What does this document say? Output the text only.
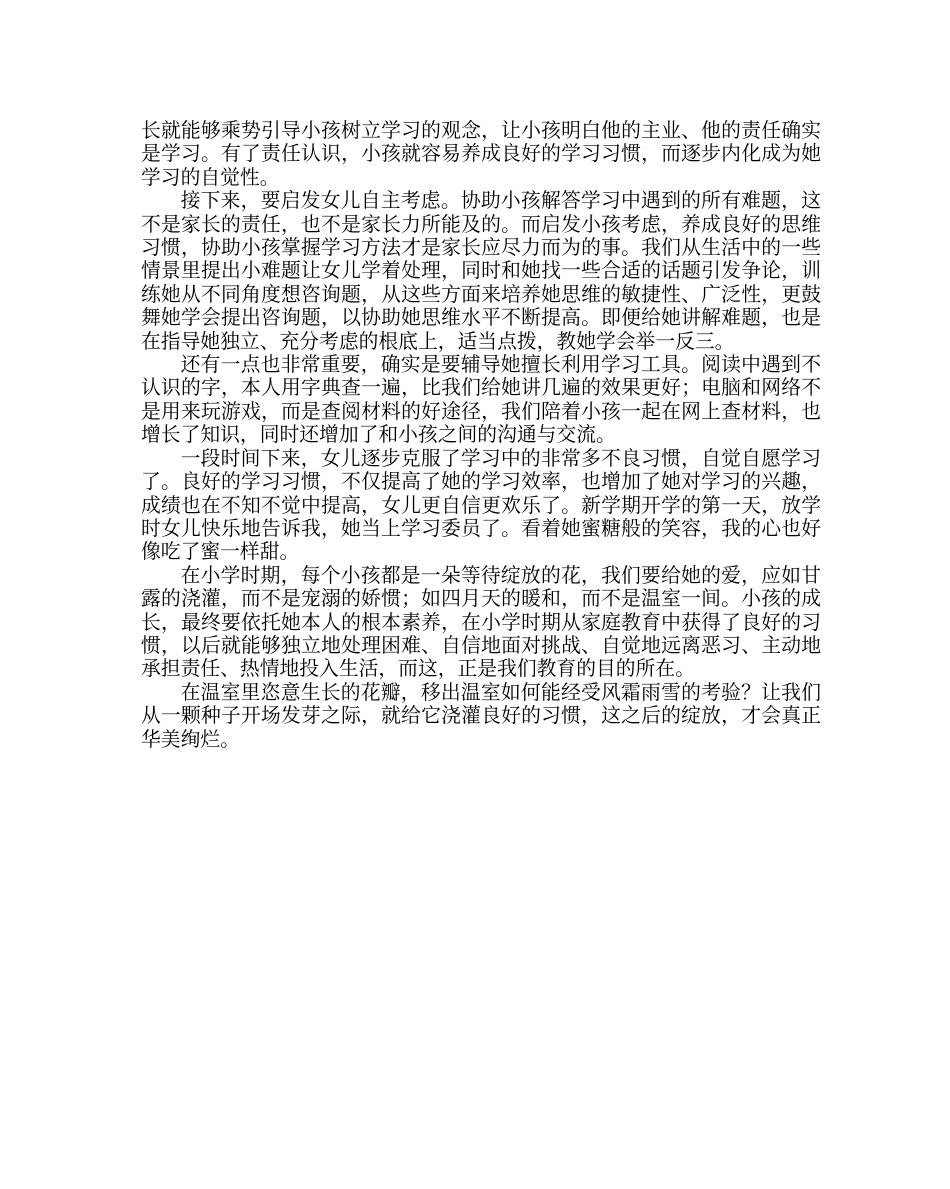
长就能够乘势引导小孩树立学习的观念，让小孩明白他的主业、他的责任确实是学习。有了责任认识，小孩就容易养成良好的学习习惯，而逐步内化成为她学习的自觉性。

接下来，要启发女儿自主考虑。协助小孩解答学习中遇到的所有难题，这不是家长的责任，也不是家长力所能及的。而启发小孩考虑，养成良好的思维习惯，协助小孩掌握学习方法才是家长应尽力而为的事。我们从生活中的一些情景里提出小难题让女儿学着处理，同时和她找一些合适的话题引发争论，训练她从不同角度想咨询题，从这些方面来培养她思维的敏捷性、广泛性，更鼓舞她学会提出咨询题，以协助她思维水平不断提高。即便给她讲解难题，也是在指导她独立、充分考虑的根底上，适当点拨，教她学会举一反三。

还有一点也非常重要，确实是要辅导她擅长利用学习工具。阅读中遇到不认识的字，本人用字典查一遍，比我们给她讲几遍的效果更好；电脑和网络不是用来玩游戏，而是查阅材料的好途径，我们陪着小孩一起在网上查材料，也增长了知识，同时还增加了和小孩之间的沟通与交流。

一段时间下来，女儿逐步克服了学习中的非常多不良习惯，自觉自愿学习了。良好的学习习惯，不仅提高了她的学习效率，也增加了她对学习的兴趣，成绩也在不知不觉中提高，女儿更自信更欢乐了。新学期开学的第一天，放学时女儿快乐地告诉我，她当上学习委员了。看着她蜜糖般的笑容，我的心也好像吃了蜜一样甜。

在小学时期，每个小孩都是一朵等待绽放的花，我们要给她的爱，应如甘露的浇灌，而不是宠溺的娇惯；如四月天的暖和，而不是温室一间。小孩的成长，最终要依托她本人的根本素养，在小学时期从家庭教育中获得了良好的习惯，以后就能够独立地处理困难、自信地面对挑战、自觉地远离恶习、主动地承担责任、热情地投入生活，而这，正是我们教育的目的所在。

在温室里恣意生长的花瓣，移出温室如何能经受风霜雨雪的考验？让我们从一颗种子开场发芽之际，就给它浇灌良好的习惯，这之后的绽放，才会真正华美绚烂。
